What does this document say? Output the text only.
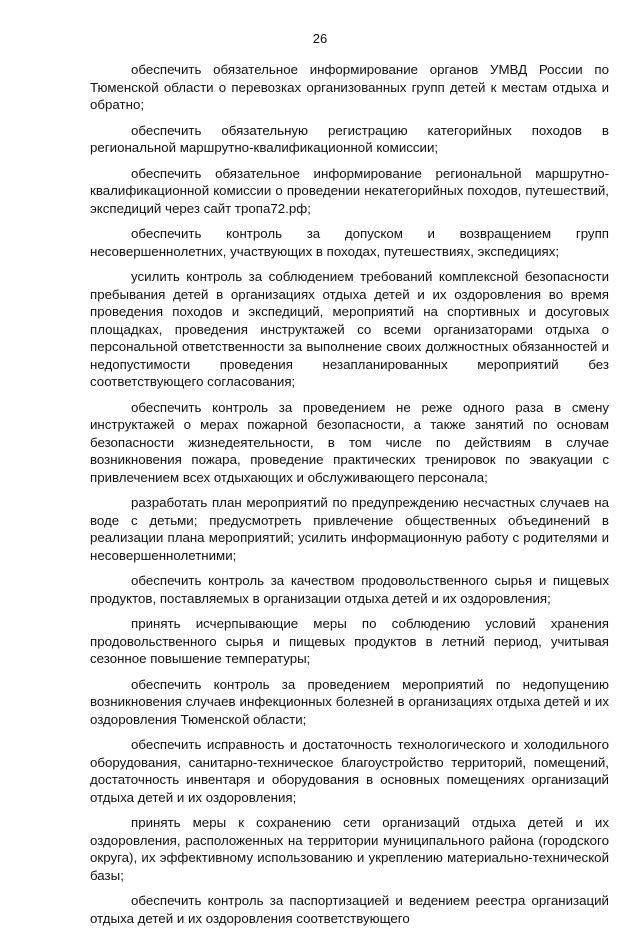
26

обеспечить обязательное информирование органов УМВД России по Тюменской области о перевозках организованных групп детей к местам отдыха и обратно;

обеспечить обязательную регистрацию категорийных походов в региональной маршрутно-квалификационной комиссии;

обеспечить обязательное информирование региональной маршрутно-квалификационной комиссии о проведении некатегорийных походов, путешествий, экспедиций через сайт тропа72.рф;

обеспечить контроль за допуском и возвращением групп несовершеннолетних, участвующих в походах, путешествиях, экспедициях;

усилить контроль за соблюдением требований комплексной безопасности пребывания детей в организациях отдыха детей и их оздоровления во время проведения походов и экспедиций, мероприятий на спортивных и досуговых площадках, проведения инструктажей со всеми организаторами отдыха о персональной ответственности за выполнение своих должностных обязанностей и недопустимости проведения незапланированных мероприятий без соответствующего согласования;

обеспечить контроль за проведением не реже одного раза в смену инструктажей о мерах пожарной безопасности, а также занятий по основам безопасности жизнедеятельности, в том числе по действиям в случае возникновения пожара, проведение практических тренировок по эвакуации с привлечением всех отдыхающих и обслуживающего персонала;

разработать план мероприятий по предупреждению несчастных случаев на воде с детьми; предусмотреть привлечение общественных объединений в реализации плана мероприятий; усилить информационную работу с родителями и несовершеннолетними;

обеспечить контроль за качеством продовольственного сырья и пищевых продуктов, поставляемых в организации отдыха детей и их оздоровления;

принять исчерпывающие меры по соблюдению условий хранения продовольственного сырья и пищевых продуктов в летний период, учитывая сезонное повышение температуры;

обеспечить контроль за проведением мероприятий по недопущению возникновения случаев инфекционных болезней в организациях отдыха детей и их оздоровления Тюменской области;

обеспечить исправность и достаточность технологического и холодильного оборудования, санитарно-техническое благоустройство территорий, помещений, достаточность инвентаря и оборудования в основных помещениях организаций отдыха детей и их оздоровления;

принять меры к сохранению сети организаций отдыха детей и их оздоровления, расположенных на территории муниципального района (городского округа), их эффективному использованию и укреплению материально-технической базы;

обеспечить контроль за паспортизацией и ведением реестра организаций отдыха детей и их оздоровления соответствующего
